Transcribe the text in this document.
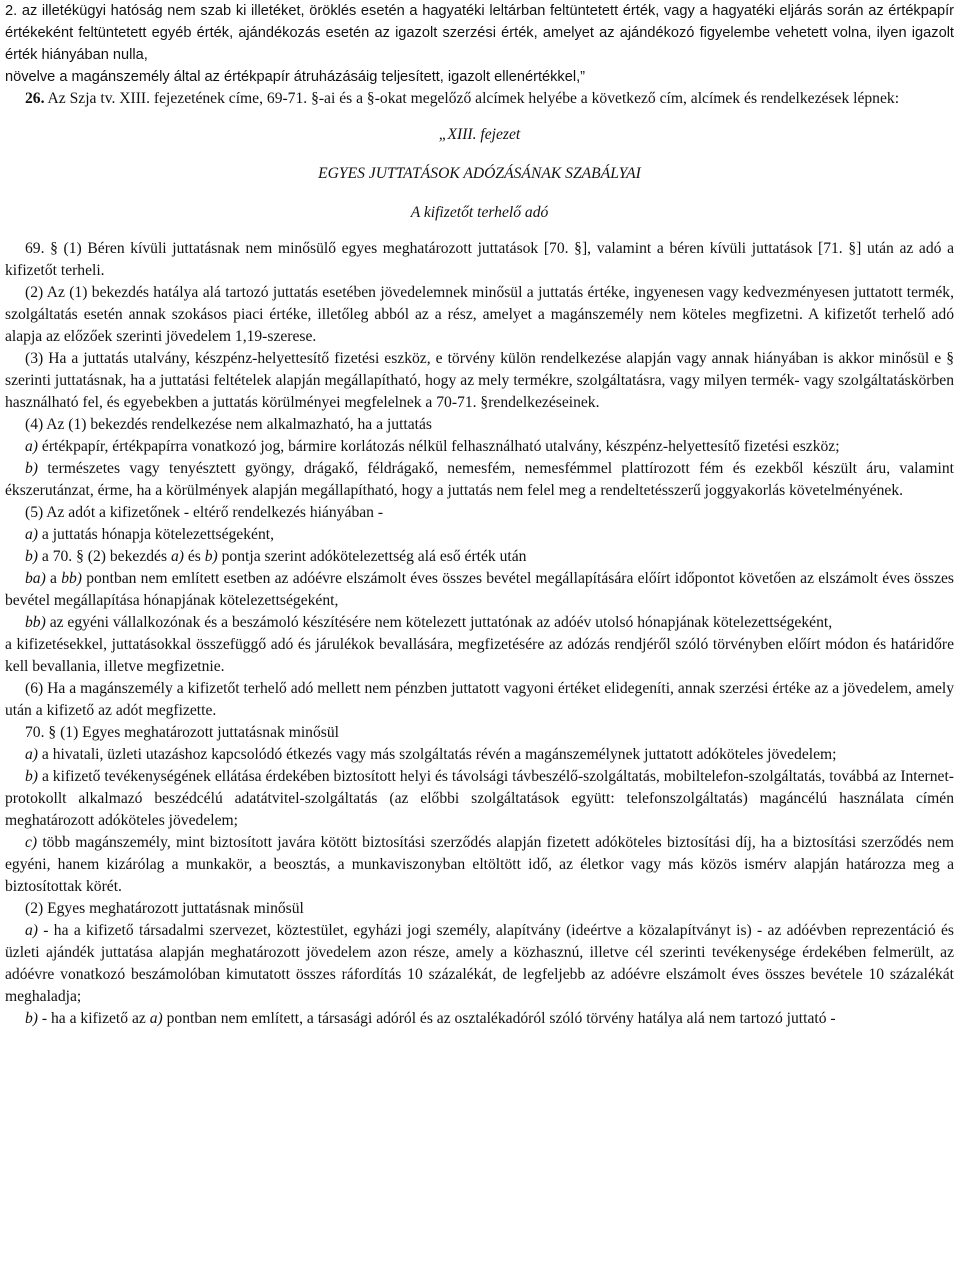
2. az illetékügyi hatóság nem szab ki illetéket, öröklés esetén a hagyatéki leltárban feltüntetett érték, vagy a hagyatéki eljárás során az értékpapír értékeként feltüntetett egyéb érték, ajándékozás esetén az igazolt szerzési érték, amelyet az ajándékozó figyelembe vehetett volna, ilyen igazolt érték hiányában nulla,

növelve a magánszemély által az értékpapír átruházásáig teljesített, igazolt ellenértékkel,”

26. Az Szja tv. XIII. fejezetének címe, 69-71. §-ai és a §-okat megelőző alcímek helyébe a következő cím, alcímek és rendelkezések lépnek:

„XIII. fejezet

EGYES JUTTATÁSOK ADÓZÁSÁNAK SZABÁLYAI

A kifizetőt terhelő adó

69. § (1) Béren kívüli juttatásnak nem minősülő egyes meghatározott juttatások [70. §], valamint a béren kívüli juttatások [71. §] után az adó a kifizetőt terheli.

(2) Az (1) bekezdés hatálya alá tartozó juttatás esetében jövedelemnek minősül a juttatás értéke, ingyenesen vagy kedvezményesen juttatott termék, szolgáltatás esetén annak szokásos piaci értéke, illetőleg abból az a rész, amelyet a magánszemély nem köteles megfizetni. A kifizetőt terhelő adó alapja az előzőek szerinti jövedelem 1,19-szerese.

(3) Ha a juttatás utalvány, készpénz-helyettesítő fizetési eszköz, e törvény külön rendelkezése alapján vagy annak hiányában is akkor minősül e § szerinti juttatásnak, ha a juttatási feltételek alapján megállapítható, hogy az mely termékre, szolgáltatásra, vagy milyen termék- vagy szolgáltatáskörben használható fel, és egyebekben a juttatás körülményei megfelelnek a 70-71. §rendelkezéseinek.

(4) Az (1) bekezdés rendelkezése nem alkalmazható, ha a juttatás

a) értékpapír, értékpapírra vonatkozó jog, bármire korlátozás nélkül felhasználható utalvány, készpénz-helyettesítő fizetési eszköz;

b) természetes vagy tenyésztett gyöngy, drágakő, féldrágakő, nemesfém, nemesfémmel plattírozott fém és ezekből készült áru, valamint ékszerutánzat, érme, ha a körülmények alapján megállapítható, hogy a juttatás nem felel meg a rendeltetésszerű joggyakorlás követelményének.

(5) Az adót a kifizetőnek - eltérő rendelkezés hiányában -

a) a juttatás hónapja kötelezettségeként,

b) a 70. § (2) bekezdés a) és b) pontja szerint adókötelezettség alá eső érték után

ba) a bb) pontban nem említett esetben az adóévre elszámolt éves összes bevétel megállapítására előírt időpontot követően az elszámolt éves összes bevétel megállapítása hónapjának kötelezettségeként,

bb) az egyéni vállalkozónak és a beszámoló készítésére nem kötelezett juttatónak az adóév utolsó hónapjának kötelezettségeként,

a kifizetésekkel, juttatásokkal összefüggő adó és járulékok bevallására, megfizetésére az adózás rendjéről szóló törvényben előírt módon és határidőre kell bevallania, illetve megfizetnie.

(6) Ha a magánszemély a kifizetőt terhelő adó mellett nem pénzben juttatott vagyoni értéket elidegeníti, annak szerzési értéke az a jövedelem, amely után a kifizető az adót megfizette.

70. § (1) Egyes meghatározott juttatásnak minősül

a) a hivatali, üzleti utazáshoz kapcsolódó étkezés vagy más szolgáltatás révén a magánszemélynek juttatott adóköteles jövedelem;

b) a kifizető tevékenységének ellátása érdekében biztosított helyi és távolsági távbeszélő-szolgáltatás, mobiltelefon-szolgáltatás, továbbá az Internet-protokollt alkalmazó beszédcélú adatátvitel-szolgáltatás (az előbbi szolgáltatások együtt: telefonszolgáltatás) magáncélú használata címén meghatározott adóköteles jövedelem;

c) több magánszemély, mint biztosított javára kötött biztosítási szerződés alapján fizetett adóköteles biztosítási díj, ha a biztosítási szerződés nem egyéni, hanem kizárólag a munkakör, a beosztás, a munkaviszonyban eltöltött idő, az életkor vagy más közös ismérv alapján határozza meg a biztosítottak körét.

(2) Egyes meghatározott juttatásnak minősül

a) - ha a kifizető társadalmi szervezet, köztestület, egyházi jogi személy, alapítvány (ideértve a közalapítványt is) - az adóévben reprezentáció és üzleti ajándék juttatása alapján meghatározott jövedelem azon része, amely a közhasznú, illetve cél szerinti tevékenysége érdekében felmerült, az adóévre vonatkozó beszámolóban kimutatott összes ráfordítás 10 százalékát, de legfeljebb az adóévre elszámolt éves összes bevétele 10 százalékát meghaladja;

b) - ha a kifizető az a) pontban nem említett, a társasági adóról és az osztalékadóról szóló törvény hatálya alá nem tartozó juttató -
